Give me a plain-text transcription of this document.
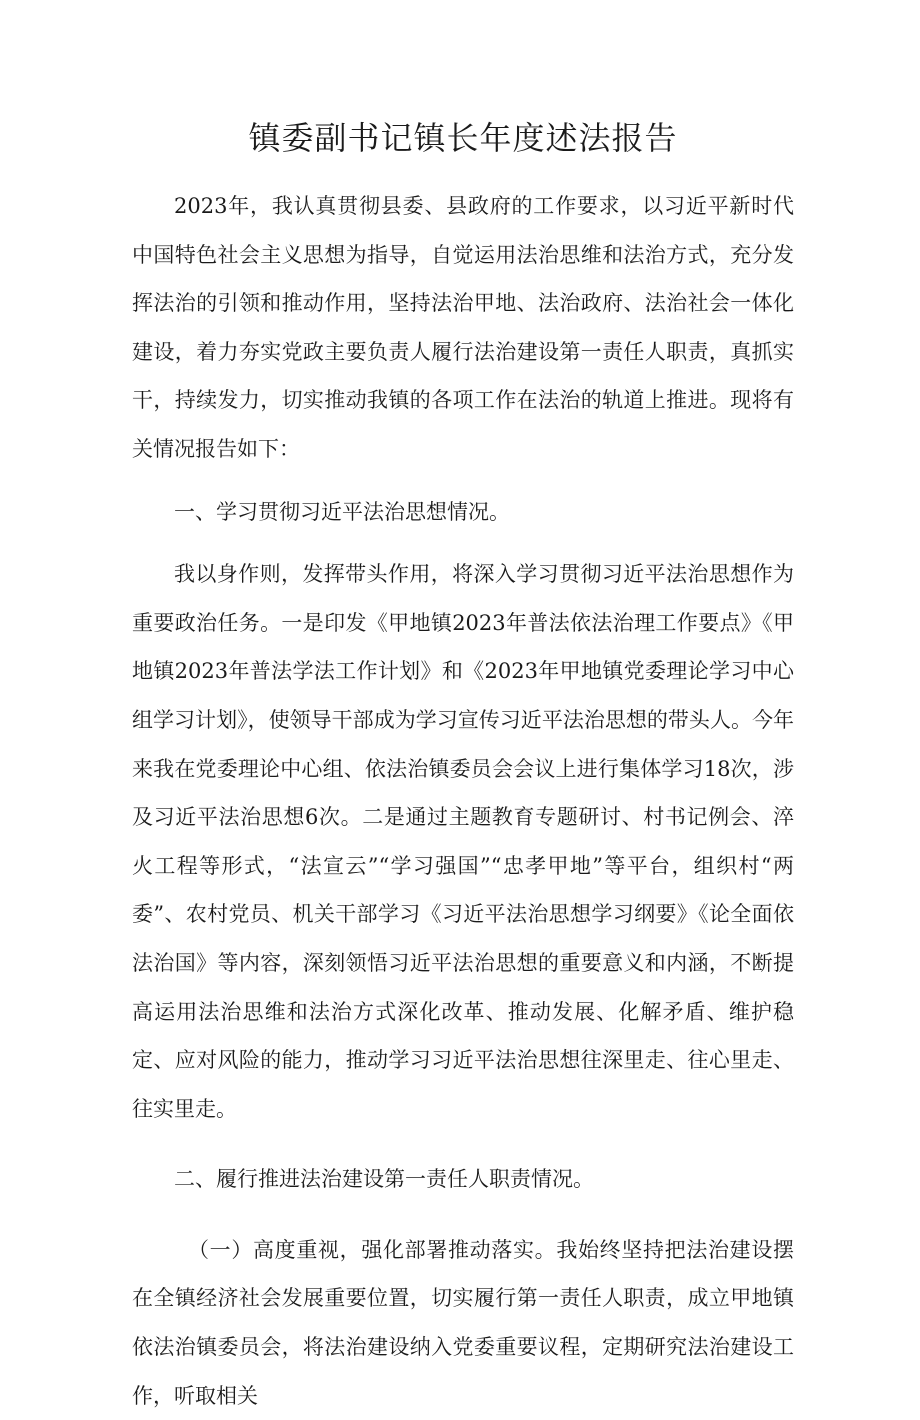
镇委副书记镇长年度述法报告

2023年，我认真贯彻县委、县政府的工作要求，以习近平新时代中国特色社会主义思想为指导，自觉运用法治思维和法治方式，充分发挥法治的引领和推动作用，坚持法治甲地、法治政府、法治社会一体化建设，着力夯实党政主要负责人履行法治建设第一责任人职责，真抓实干，持续发力，切实推动我镇的各项工作在法治的轨道上推进。现将有关情况报告如下：

一、学习贯彻习近平法治思想情况。

我以身作则，发挥带头作用，将深入学习贯彻习近平法治思想作为重要政治任务。一是印发《甲地镇2023年普法依法治理工作要点》《甲地镇2023年普法学法工作计划》和《2023年甲地镇党委理论学习中心组学习计划》，使领导干部成为学习宣传习近平法治思想的带头人。今年来我在党委理论中心组、依法治镇委员会会议上进行集体学习18次，涉及习近平法治思想6次。二是通过主题教育专题研讨、村书记例会、淬火工程等形式，“法宣云”“学习强国”“忠孝甲地”等平台，组织村“两委”、农村党员、机关干部学习《习近平法治思想学习纲要》《论全面依法治国》等内容，深刻领悟习近平法治思想的重要意义和内涵，不断提高运用法治思维和法治方式深化改革、推动发展、化解矛盾、维护稳定、应对风险的能力，推动学习习近平法治思想往深里走、往心里走、往实里走。

二、履行推进法治建设第一责任人职责情况。

（一）高度重视，强化部署推动落实。我始终坚持把法治建设摆在全镇经济社会发展重要位置，切实履行第一责任人职责，成立甲地镇依法治镇委员会，将法治建设纳入党委重要议程，定期研究法治建设工作，听取相关
